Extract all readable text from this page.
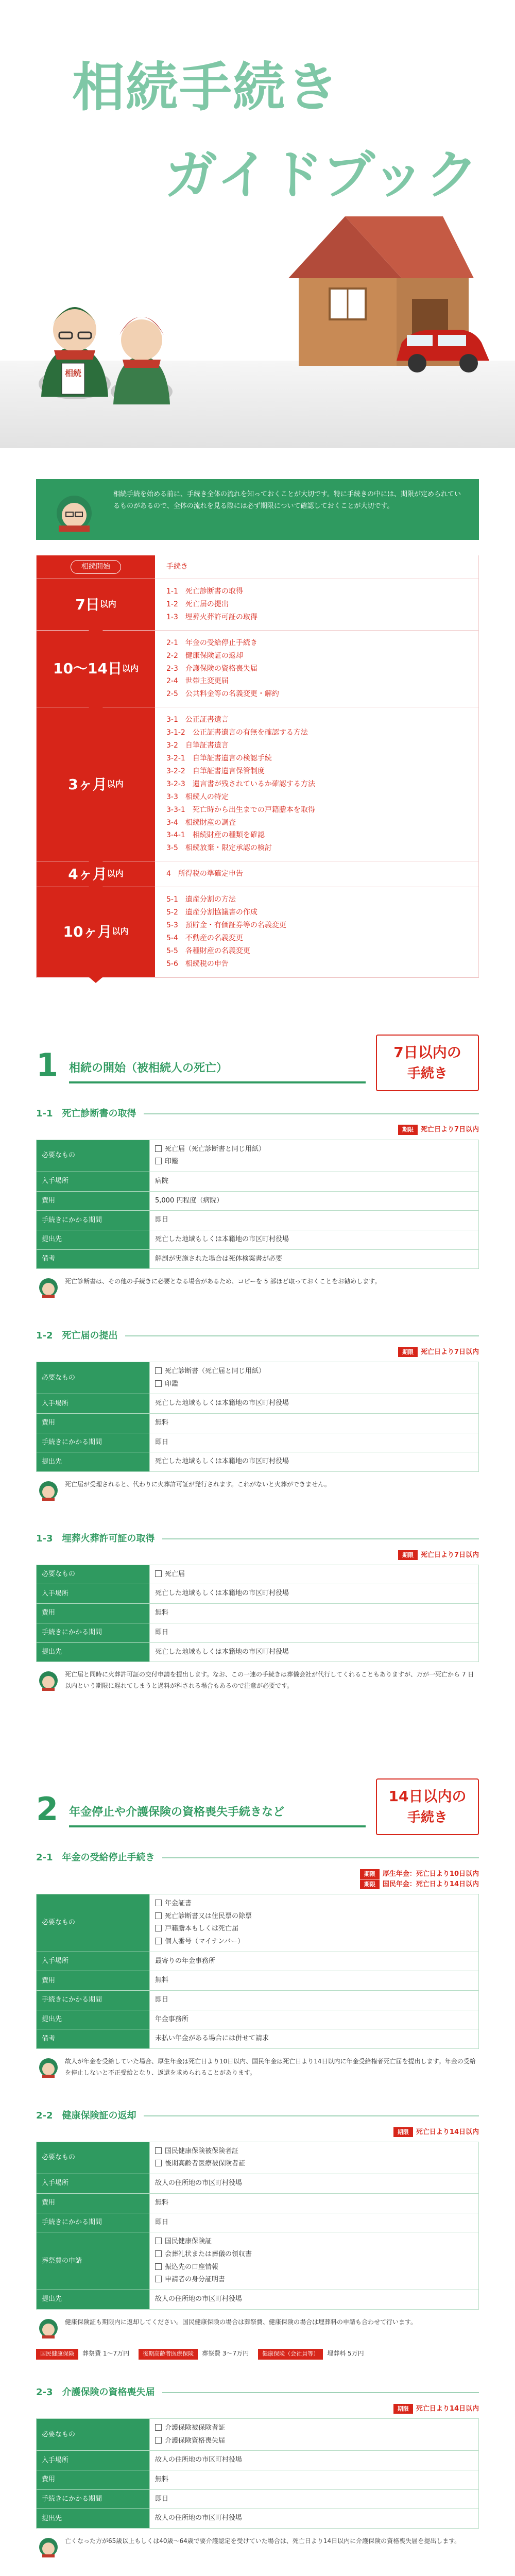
相続手続き
ガイドブック
相続

相続手続を始める前に、手続き全体の流れを知っておくことが大切です。特に手続きの中には、期限が定められているものがあるので、全体の流れを見る際には必ず期限について確認しておくことが大切です。

相続開始	手続き
7日 以内
1-1　死亡診断書の取得
1-2　死亡届の提出
1-3　埋葬火葬許可証の取得
10〜14日 以内
2-1　年金の受給停止手続き
2-2　健康保険証の返却
2-3　介護保険の資格喪失届
2-4　世帯主変更届
2-5　公共料金等の名義変更・解約
3ヶ月 以内
3-1　公正証書遺言
3-1-2　公正証書遺言の有無を確認する方法
3-2　自筆証書遺言
3-2-1　自筆証書遺言の検認手続
3-2-2　自筆証書遺言保管制度
3-2-3　遺言書が残されているか確認する方法
3-3　相続人の特定
3-3-1　死亡時から出生までの戸籍謄本を取得
3-4　相続財産の調査
3-4-1　相続財産の種類を確認
3-5　相続放棄・限定承認の検討
4ヶ月 以内	4　所得税の準確定申告
10ヶ月 以内
5-1　遺産分割の方法
5-2　遺産分割協議書の作成
5-3　預貯金・有価証券等の名義変更
5-4　不動産の名義変更
5-5　各種財産の名義変更
5-6　相続税の申告
1 相続の開始（被相続人の死亡）
7日以内の
手続き
1-1　死亡診断書の取得
期限 死亡日より7日以内
必要なもの	死亡届（死亡診断書と同じ用紙）
印鑑

入手場所	病院

費用	5,000 円程度（病院）

手続きにかかる期間	即日

提出先	死亡した地域もしくは本籍地の市区町村役場

備考	解剖が実施された場合は死体検案書が必要

死亡診断書は、その他の手続きに必要となる場合があるため、コピーを 5 部ほど取っておくことをお勧めします。

1-2　死亡届の提出
期限 死亡日より7日以内
必要なもの	死亡診断書（死亡届と同じ用紙）
印鑑

入手場所	死亡した地域もしくは本籍地の市区町村役場

費用	無料

手続きにかかる期間	即日

提出先	死亡した地域もしくは本籍地の市区町村役場

死亡届が受理されると、代わりに火葬許可証が発行されます。これがないと火葬ができません。

1-3　埋葬火葬許可証の取得
期限 死亡日より7日以内
必要なもの	死亡届

入手場所	死亡した地域もしくは本籍地の市区町村役場

費用	無料

手続きにかかる期間	即日

提出先	死亡した地域もしくは本籍地の市区町村役場

死亡届と同時に火葬許可証の交付申請を提出します。なお、この一連の手続きは葬儀会社が代行してくれることもありますが、万が一死亡から 7 日以内という期限に遅れてしまうと過料が科される場合もあるので注意が必要です。

2 年金停止や介護保険の資格喪失手続きなど
14日以内の
手続き
2-1　年金の受給停止手続き
期限 厚生年金：死亡日より10日以内
期限 国民年金：死亡日より14日以内
必要なもの	年金証書
死亡診断書又は住民票の除票
戸籍謄本もしくは死亡届
個人番号（マイナンバー）

入手場所	最寄りの年金事務所

費用	無料

手続きにかかる期間	即日

提出先	年金事務所

備考	未払い年金がある場合には併せて請求

故人が年金を受給していた場合、厚生年金は死亡日より10日以内、国民年金は死亡日より14日以内に年金受給権者死亡届を提出します。年金の受給を停止しないと不正受給となり、返還を求められることがあります。

2-2　健康保険証の返却
期限 死亡日より14日以内
必要なもの	国民健康保険被保険者証
後期高齢者医療被保険者証

入手場所	故人の住所地の市区町村役場

費用	無料

手続きにかかる期間	即日

葬祭費の申請	国民健康保険証
会葬礼状または葬儀の領収書
振込先の口座情報
申請者の身分証明書

提出先	故人の住所地の市区町村役場

健康保険証も期限内に返却してください。国民健康保険の場合は葬祭費、健康保険の場合は埋葬料の申請も合わせて行います。

国民健康保険 葬祭費 1〜7万円 後期高齢者医療保険 葬祭費 3〜7万円 健康保険（会社員等） 埋葬料 5万円
2-3　介護保険の資格喪失届
期限 死亡日より14日以内
必要なもの	介護保険被保険者証
介護保険資格喪失届

入手場所	故人の住所地の市区町村役場

費用	無料

手続きにかかる期間	即日

提出先	故人の住所地の市区町村役場

亡くなった方が65歳以上もしくは40歳〜64歳で要介護認定を受けていた場合は、死亡日より14日以内に介護保険の資格喪失届を提出します。
